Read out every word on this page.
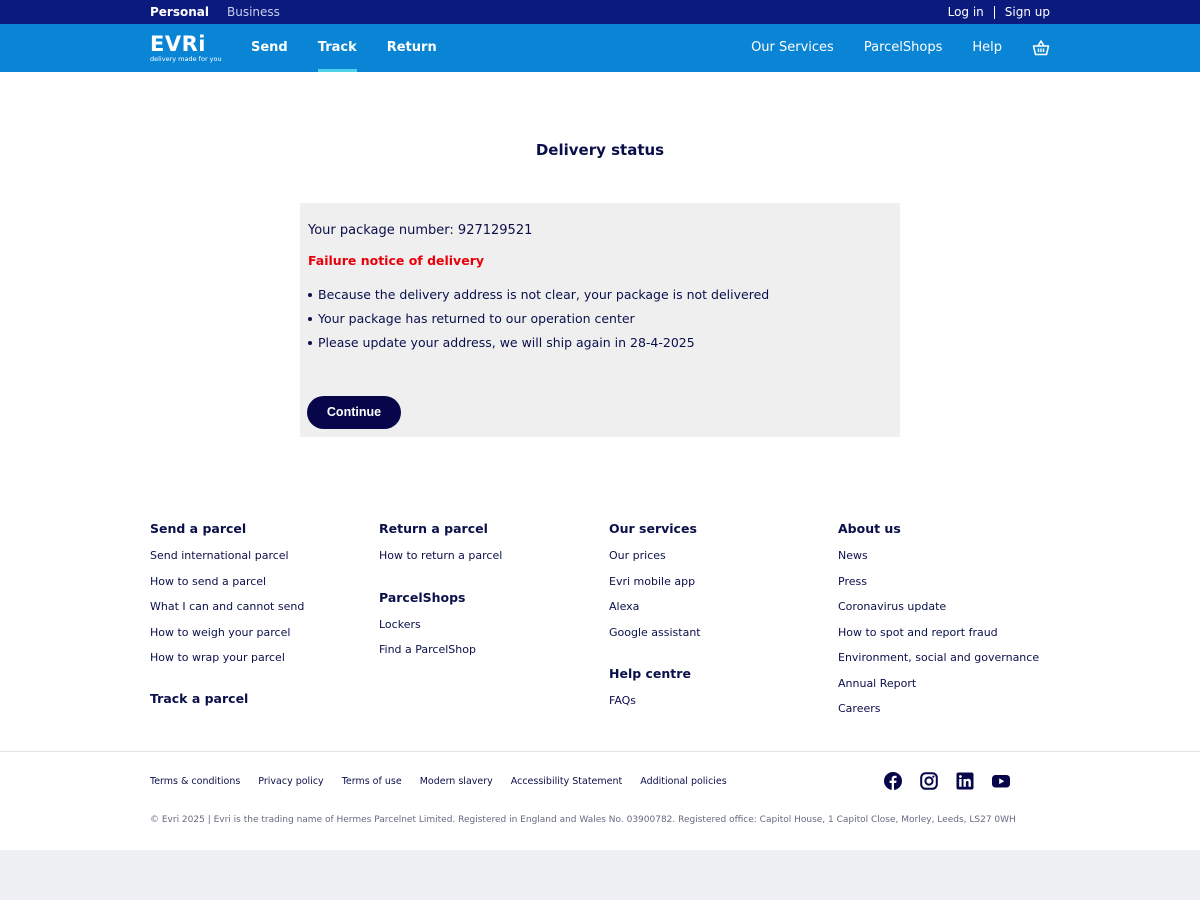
Personal Business	Log in Sign up
EVRi
delivery made for you
Send Track Return	Our Services ParcelShops Help
Delivery status
Your package number: 927129521
Failure notice of delivery
Because the delivery address is not clear, your package is not delivered
Your package has returned to our operation center
Please update your address, we will ship again in 28-4-2025
Continue
Send a parcel
Send international parcel
How to send a parcel
What I can and cannot send
How to weigh your parcel
How to wrap your parcel
Track a parcel
Return a parcel
How to return a parcel
ParcelShops
Lockers
Find a ParcelShop
Our services
Our prices
Evri mobile app
Alexa
Google assistant
Help centre
FAQs
About us
News
Press
Coronavirus update
How to spot and report fraud
Environment, social and governance
Annual Report
Careers
Terms & conditions Privacy policy Terms of use Modern slavery Accessibility Statement Additional policies
© Evri 2025 | Evri is the trading name of Hermes Parcelnet Limited. Registered in England and Wales No. 03900782. Registered office: Capitol House, 1 Capitol Close, Morley, Leeds, LS27 0WH
